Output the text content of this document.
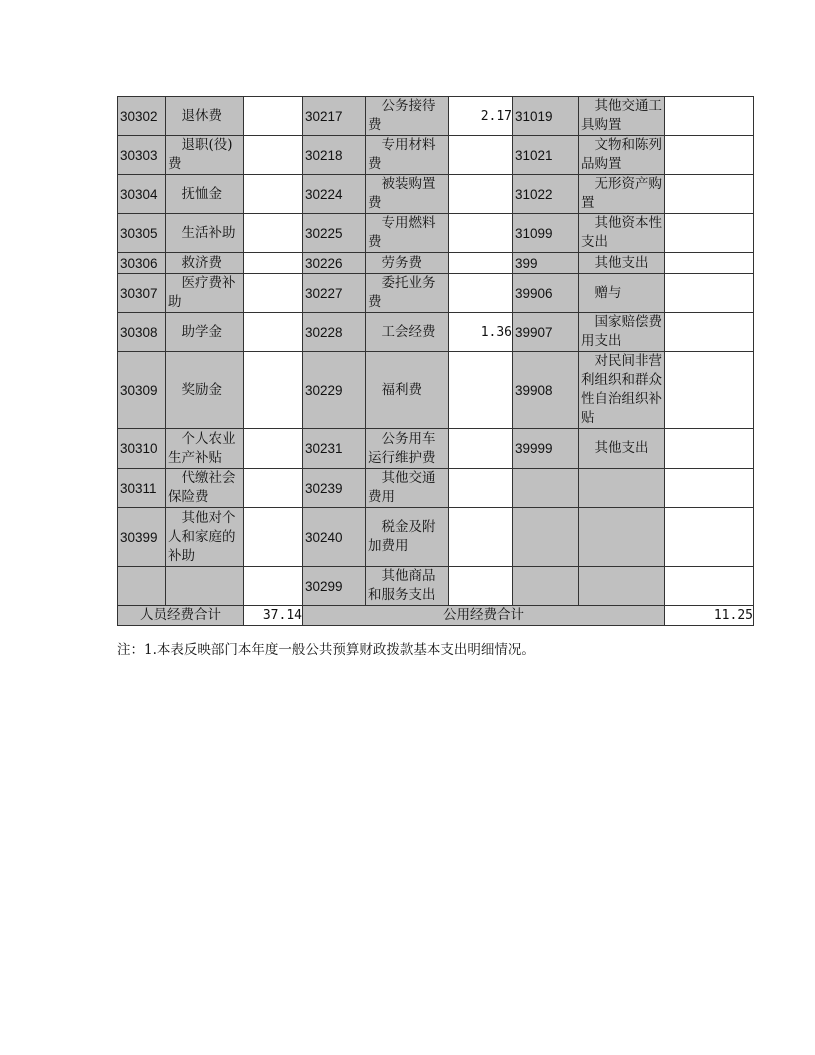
30302	退休费		30217	公务接待费	2.17	31019	其他交通工具购置	
30303	退职(役)费		30218	专用材料费		31021	文物和陈列品购置	
30304	抚恤金		30224	被装购置费		31022	无形资产购置	
30305	生活补助		30225	专用燃料费		31099	其他资本性支出	
30306	救济费		30226	劳务费		399	其他支出	
30307	医疗费补助		30227	委托业务费		39906	赠与	
30308	助学金		30228	工会经费	1.36	39907	国家赔偿费用支出	
30309	奖励金		30229	福利费		39908	对民间非营利组织和群众性自治组织补贴	
30310	个人农业生产补贴		30231	公务用车运行维护费		39999	其他支出	
30311	代缴社会保险费		30239	其他交通费用				
30399	其他对个人和家庭的补助		30240	税金及附加费用				
			30299	其他商品和服务支出				
人员经费合计		37.14	公用经费合计					11.25
注：1.本表反映部门本年度一般公共预算财政拨款基本支出明细情况。
